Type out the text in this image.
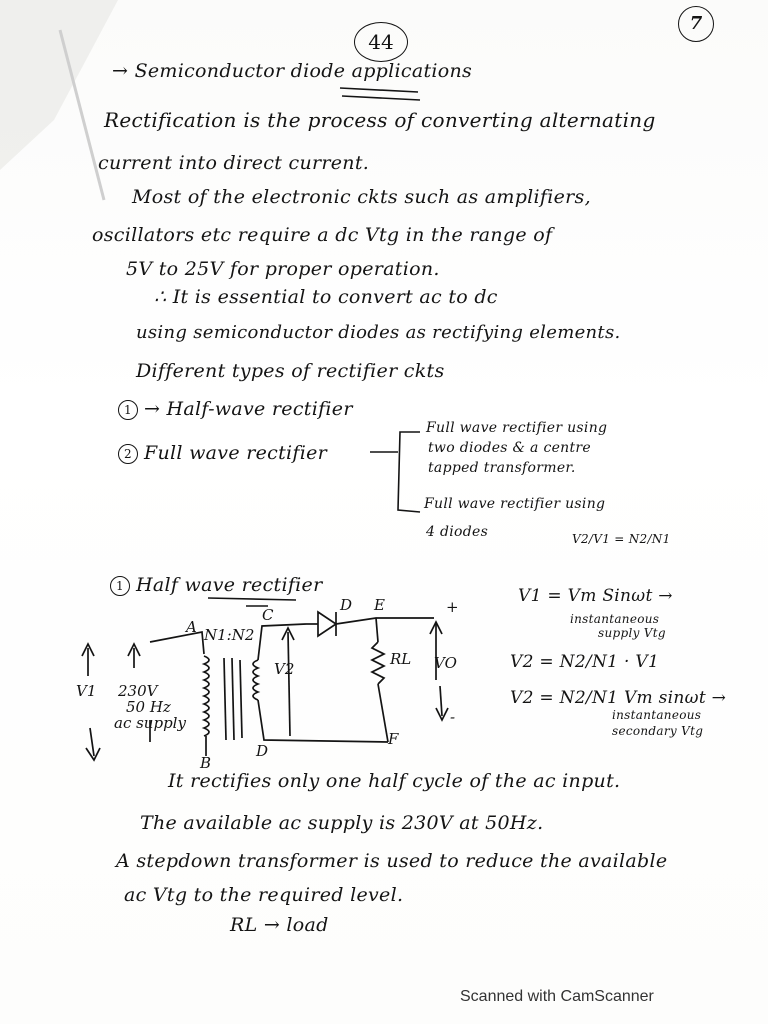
44
7
→ Semiconductor diode applications
Rectification is the process of converting alternating
current into direct current.
Most of the electronic ckts such as amplifiers,
oscillators etc require a dc Vtg in the range of
5V to 25V for proper operation.
∴ It is essential to convert ac to dc
using semiconductor diodes as rectifying elements.
Different types of rectifier ckts
1 → Half-wave rectifier
2 Full wave rectifier
Full wave rectifier using
two diodes & a centre
tapped transformer.
Full wave rectifier using
4 diodes	V2/V1 = N2/N1
1 Half wave rectifier
A N1:N2
C
D E	+
-
V1
V2
RL VO
B
D
F
230V
50 Hz
ac supply
V1 = Vm Sinωt →
instantaneous
supply Vtg
V2 = N2/N1 · V1
V2 = N2/N1 Vm sinωt →
instantaneous
secondary Vtg
It rectifies only one half cycle of the ac input.
The available ac supply is 230V at 50Hz.
A stepdown transformer is used to reduce the available
ac Vtg to the required level.
RL → load
Scanned with CamScanner
